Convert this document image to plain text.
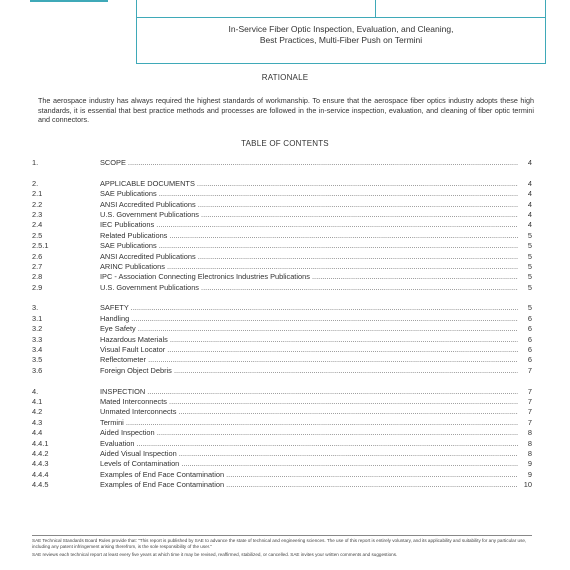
In-Service Fiber Optic Inspection, Evaluation, and Cleaning,
Best Practices, Multi-Fiber Push on Termini
RATIONALE
The aerospace industry has always required the highest standards of workmanship. To ensure that the aerospace fiber optics industry adopts these high standards, it is essential that best practice methods and processes are followed in the in-service inspection, evaluation, and cleaning of fiber optic termini and connectors.
TABLE OF CONTENTS
1.	SCOPE .....	4
2.	APPLICABLE DOCUMENTS .....	4
2.1	SAE Publications .....	4
2.2	ANSI Accredited Publications .....	4
2.3	U.S. Government Publications .....	4
2.4	IEC Publications .....	4
2.5	Related Publications .....	5
2.5.1	SAE Publications .....	5
2.6	ANSI Accredited Publications .....	5
2.7	ARINC Publications .....	5
2.8	IPC - Association Connecting Electronics Industries Publications .....	5
2.9	U.S. Government Publications .....	5
3.	SAFETY .....	5
3.1	Handling .....	6
3.2	Eye Safety .....	6
3.3	Hazardous Materials .....	6
3.4	Visual Fault Locator .....	6
3.5	Reflectometer .....	6
3.6	Foreign Object Debris .....	7
4.	INSPECTION .....	7
4.1	Mated Interconnects .....	7
4.2	Unmated Interconnects .....	7
4.3	Termini .....	7
4.4	Aided Inspection .....	8
4.4.1	Evaluation .....	8
4.4.2	Aided Visual Inspection .....	8
4.4.3	Levels of Contamination .....	9
4.4.4	Examples of End Face Contamination .....	9
4.4.5	Examples of End Face Contamination .....	10

SAE Technical Standards Board Rules provide that: "This report is published by SAE to advance the state of technical and engineering sciences. The use of this report is entirely voluntary, and its applicability and suitability for any particular use, including any patent infringement arising therefrom, is the sole responsibility of the user."

SAE reviews each technical report at least every five years at which time it may be revised, reaffirmed, stabilized, or cancelled. SAE invites your written comments and suggestions.
